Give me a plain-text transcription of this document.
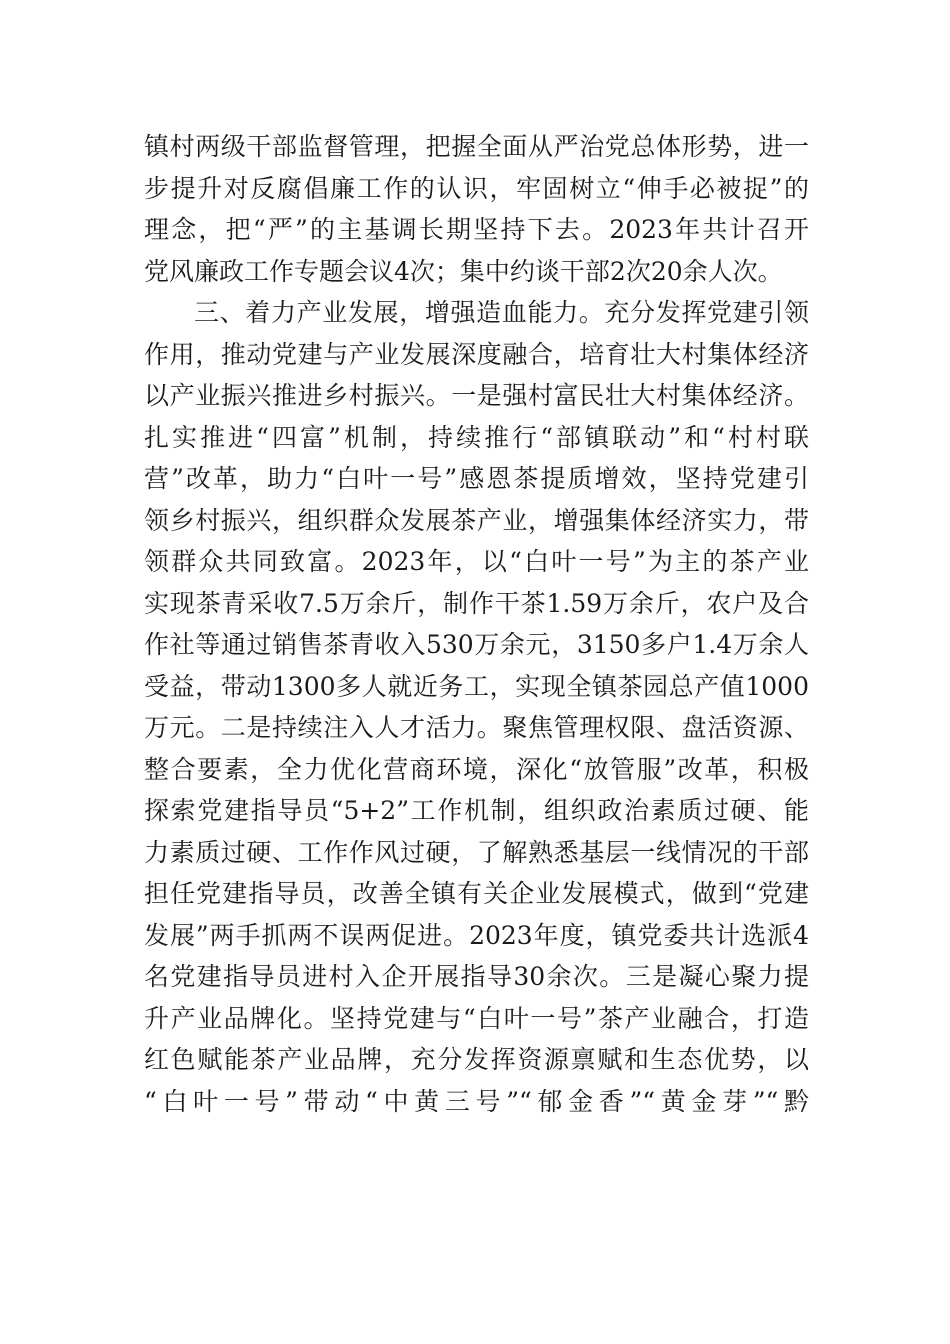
镇村两级干部监督管理，把握全面从严治党总体形势，进一
步提升对反腐倡廉工作的认识，牢固树立“伸手必被捉”的
理念，把“严”的主基调长期坚持下去。2023年共计召开
党风廉政工作专题会议4次；集中约谈干部2次20余人次。
三、着力产业发展，增强造血能力。充分发挥党建引领
作用，推动党建与产业发展深度融合，培育壮大村集体经济
以产业振兴推进乡村振兴。一是强村富民壮大村集体经济。
扎实推进“四富”机制，持续推行“部镇联动”和“村村联
营”改革，助力“白叶一号”感恩茶提质增效，坚持党建引
领乡村振兴，组织群众发展茶产业，增强集体经济实力，带
领群众共同致富。2023年，以“白叶一号”为主的茶产业
实现茶青采收7.5万余斤，制作干茶1.59万余斤，农户及合
作社等通过销售茶青收入530万余元，3150多户1.4万余人
受益，带动1300多人就近务工，实现全镇茶园总产值1000
万元。二是持续注入人才活力。聚焦管理权限、盘活资源、
整合要素，全力优化营商环境，深化“放管服”改革，积极
探索党建指导员“5+2”工作机制，组织政治素质过硬、能
力素质过硬、工作作风过硬，了解熟悉基层一线情况的干部
担任党建指导员，改善全镇有关企业发展模式，做到“党建
发展”两手抓两不误两促进。2023年度，镇党委共计选派4
名党建指导员进村入企开展指导30余次。三是凝心聚力提
升产业品牌化。坚持党建与“白叶一号”茶产业融合，打造
红色赋能茶产业品牌，充分发挥资源禀赋和生态优势，以
“白叶一号”带动“中黄三号”“郁金香”“黄金芽”“黔
